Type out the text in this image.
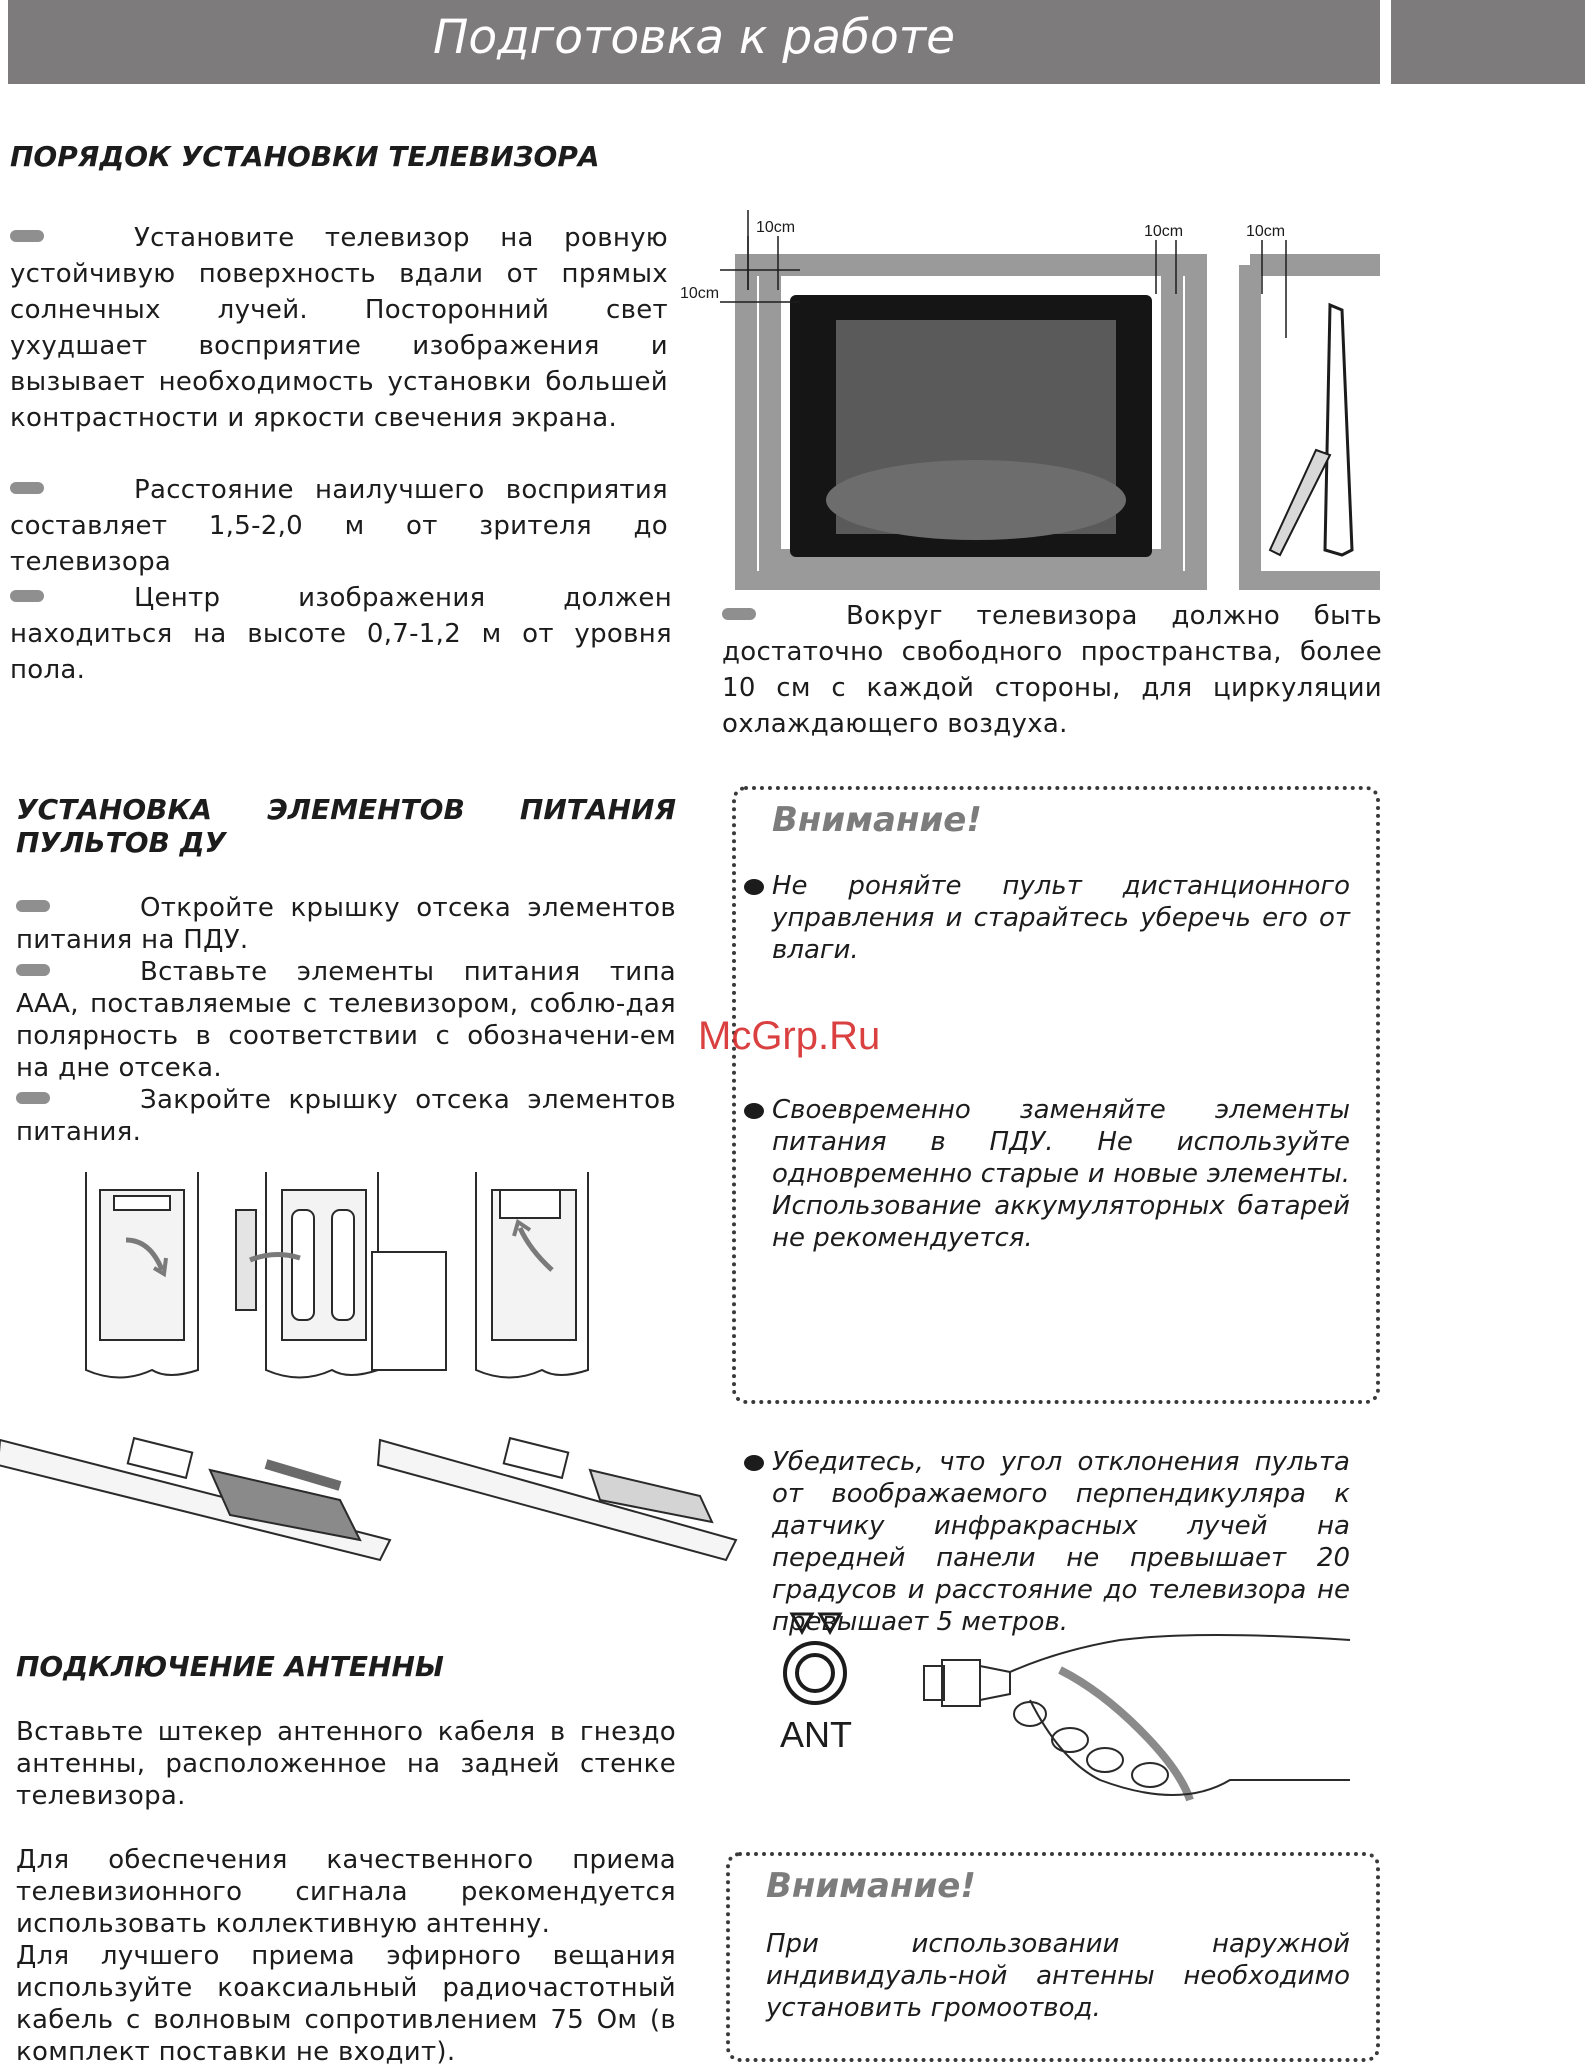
Подготовка к работе
ПОРЯДОК УСТАНОВКИ ТЕЛЕВИЗОРА

Установите телевизор на ровную устойчивую поверхность вдали от прямых солнечных лучей. Посторонний свет ухудшает восприятие изображения и вызывает необходимость установки большей контрастности и яркости свечения экрана.

Расстояние наилучшего восприятия составляет 1,5-2,0 м от зрителя до телевизора

Центр изображения должен находиться на высоте 0,7-1,2 м от уровня пола.

10cm
10cm
10cm	10cm

Вокруг телевизора должно быть достаточно свободного пространства, более 10 см с каждой стороны, для циркуляции охлаждающего воздуха.

УСТАНОВКА ЭЛЕМЕНТОВ ПИТАНИЯ ПУЛЬТОВ ДУ

Откройте крышку отсека элементов питания на ПДУ.

Вставьте элементы питания типа ААА, поставляемые с телевизором, соблю-дая полярность в соответствии с обозначени-ем на дне отсека.

Закройте крышку отсека элементов питания.

Внимание!

Не роняйте пульт дистанционного управления и старайтесь уберечь его от влаги.

Своевременно заменяйте элементы питания в ПДУ. Не используйте одновременно старые и новые элементы. Использование аккумуляторных батарей не рекомендуется.

Убедитесь, что угол отклонения пульта от воображаемого перпендикуляра к датчику инфракрасных лучей на передней панели не превышает 20 градусов и расстояние до телевизора не превышает 5 метров.

McGrp.Ru
ПОДКЛЮЧЕНИЕ АНТЕННЫ

Вставьте штекер антенного кабеля в гнездо антенны, расположенное на задней стенке телевизора.

Для обеспечения качественного приема телевизионного сигнала рекомендуется использовать коллективную антенну.

Для лучшего приема эфирного вещания используйте коаксиальный радиочастотный кабель с волновым сопротивлением 75 Ом (в комплект поставки не входит).

ANT

Внимание!

При использовании наружной индивидуаль-ной антенны необходимо установить громоотвод.
